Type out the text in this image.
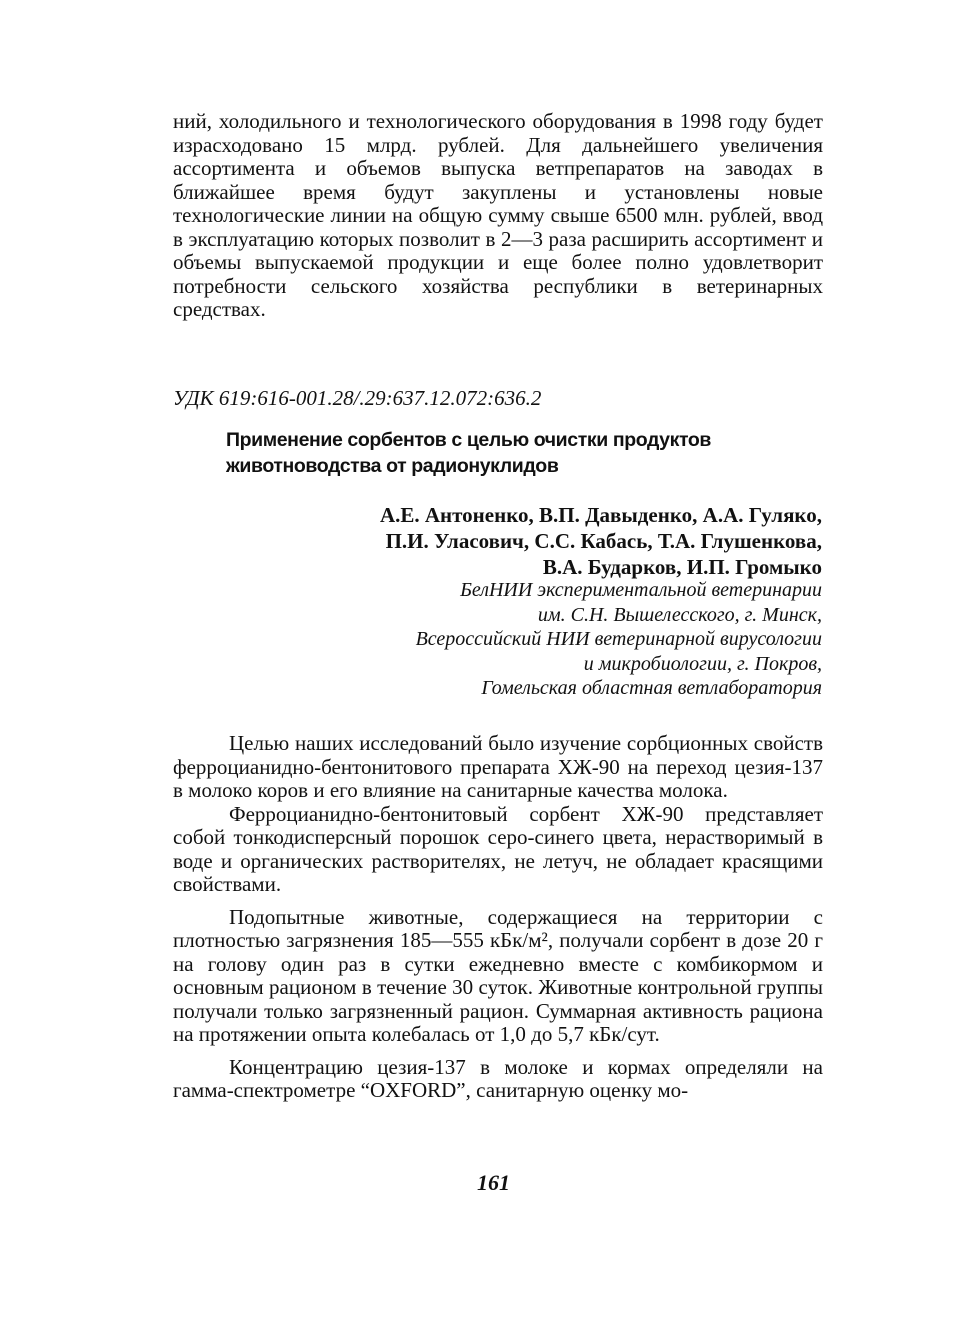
ний, холодильного и технологического оборудования в 1998 году будет израсходовано 15 млрд. рублей. Для дальнейшего увеличения ассортимента и объемов выпуска ветпрепаратов на заводах в ближайшее время будут закуплены и установлены новые технологические линии на общую сумму свыше 6500 млн. рублей, ввод в эксплуатацию которых позволит в 2—3 раза расширить ассортимент и объемы выпускаемой продукции и еще более полно удовлетворит потребности сельского хозяйства республики в ветеринарных средствах.

УДК 619:616-001.28/.29:637.12.072:636.2
Применение сорбентов с целью очистки продуктов
животноводства от радионуклидов
А.Е. Антоненко, В.П. Давыденко, А.А. Гуляко,
П.И. Уласович, С.С. Кабась, Т.А. Глушенкова,
В.А. Бударков, И.П. Громыко
БелНИИ экспериментальной ветеринарии
им. С.Н. Вышелесского, г. Минск,
Всероссийский НИИ ветеринарной вирусологии
и микробиологии, г. Покров,
Гомельская областная ветлаборатория

Целью наших исследований было изучение сорбционных свойств ферроцианидно-бентонитового препарата ХЖ-90 на переход цезия-137 в молоко коров и его влияние на санитарные качества молока.

Ферроцианидно-бентонитовый сорбент ХЖ-90 представляет собой тонкодисперсный порошок серо-синего цвета, нерастворимый в воде и органических растворителях, не летуч, не обладает красящими свойствами.

Подопытные животные, содержащиеся на территории с плотностью загрязнения 185—555 кБк/м², получали сорбент в дозе 20 г на голову один раз в сутки ежедневно вместе с комбикормом и основным рационом в течение 30 суток. Животные контрольной группы получали только загрязненный рацион. Суммарная активность рациона на протяжении опыта колебалась от 1,0 до 5,7 кБк/сут.

Концентрацию цезия-137 в молоке и кормах определяли на гамма-спектрометре “OXFORD”, санитарную оценку мо-

161
